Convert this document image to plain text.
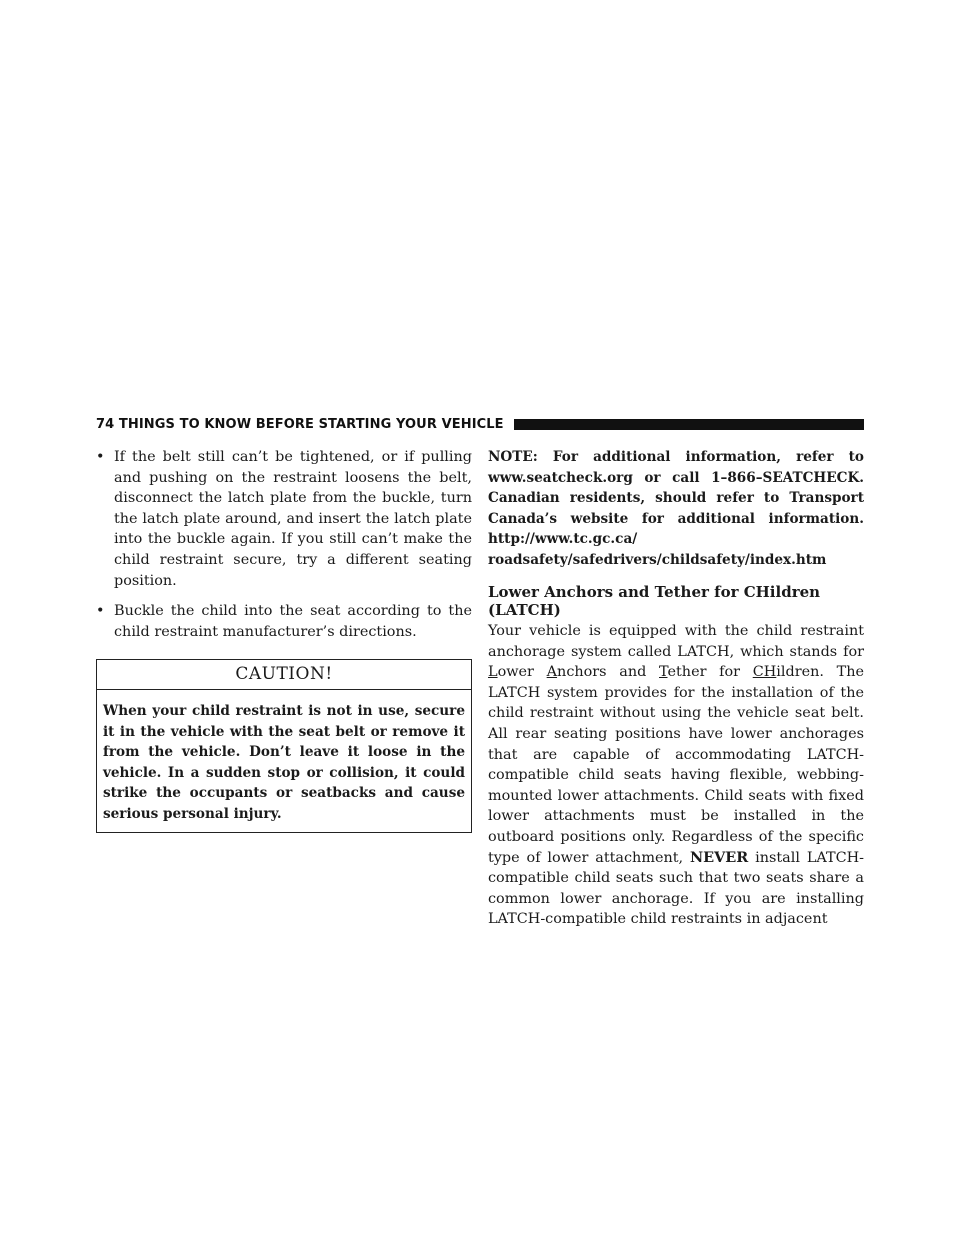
74 THINGS TO KNOW BEFORE STARTING YOUR VEHICLE
• If the belt still can’t be tightened, or if pulling and pushing on the restraint loosens the belt, disconnect the latch plate from the buckle, turn the latch plate around, and insert the latch plate into the buckle again. If you still can’t make the child restraint secure, try a different seating position.
• Buckle the child into the seat according to the child restraint manufacturer’s directions.
CAUTION!
When your child restraint is not in use, secure it in the vehicle with the seat belt or remove it from the vehicle. Don’t leave it loose in the vehicle. In a sudden stop or collision, it could strike the occupants or seatbacks and cause serious personal injury.
NOTE: For additional information, refer to www.seatcheck.org or call 1–866–SEATCHECK. Canadian residents, should refer to Transport Canada’s website for additional information. http://www.tc.gc.ca/ roadsafety/safedrivers/childsafety/index.htm
Lower Anchors and Tether for CHildren (LATCH)
Your vehicle is equipped with the child restraint anchorage system called LATCH, which stands for Lower Anchors and Tether for CHildren. The LATCH system provides for the installation of the child restraint without using the vehicle seat belt. All rear seating positions have lower anchorages that are capable of accommodating LATCH-compatible child seats having flexible, webbing-mounted lower attachments. Child seats with fixed lower attachments must be installed in the outboard positions only. Regardless of the specific type of lower attachment, NEVER install LATCH-compatible child seats such that two seats share a common lower anchorage. If you are installing LATCH-compatible child restraints in adjacent
